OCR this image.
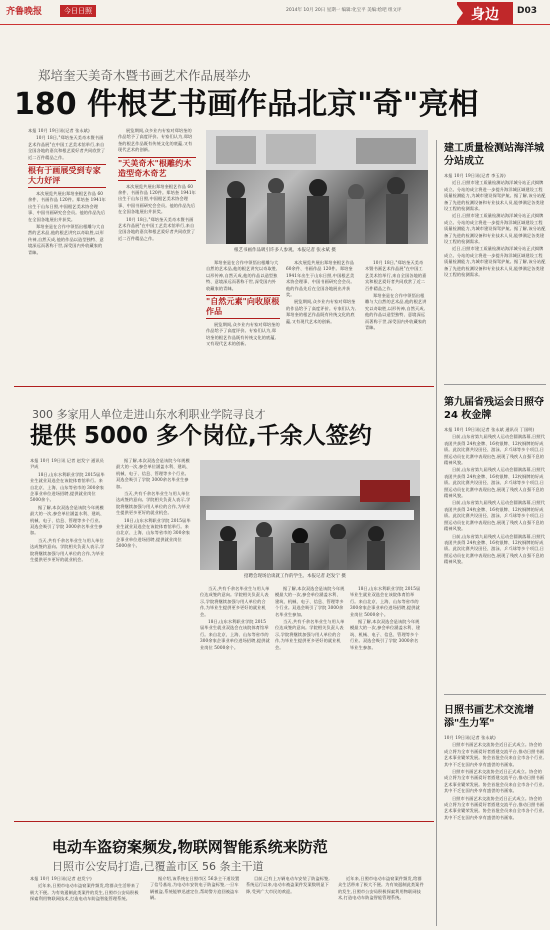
齐鲁晚报	今日日照	2014年 10月 20日 星期一 编辑:化宝平 美编:绘吧 组文评	身边 D03
郑培奎天美奇木暨书画艺术作品展举办
180 件根艺书画作品北京"奇"亮相

本报 10月 19日讯(记者 张永斌)

10月 18日,"郑培奎天美奇木暨书画艺术作品展"在中国工艺美术馆举行,来自全国各地的嘉宾和根艺爱好者共同欣赏了近二百件精品之作。

根有于画展受到专家大力好评

本次展览共展出郑培奎根艺作品 60余件、书画作品 120件。郑培奎 1941年出生于山东日照,中国根艺美术协会理事、中国书画研究会会员。他的作品先后在全国各地展出并获奖。

郑培奎是在合作中领悟出根雕与大自然的艺术品,他的根艺讲究以奇取胜,以形传神,自然天成,他的作品以造型独特、意境深远而著称于世,深受国内外收藏家的青睐。

展览期间,众多业内专家对郑培奎的作品给予了高度评价。专家们认为,郑培奎的根艺作品既有传统文化的底蕴,又有现代艺术的创新。

"天美奇木"根雕约木造型奇木奇艺

本次展览共展出郑培奎根艺作品 60余件、书画作品 120件。郑培奎 1941年出生于山东日照,中国根艺美术协会理事、中国书画研究会会员。他的作品先后在全国各地展出并获奖。

10月 18日,"郑培奎天美奇木暨书画艺术作品展"在中国工艺美术馆举行,来自全国各地的嘉宾和根艺爱好者共同欣赏了近二百件精品之作。

郑培奎是在合作中领悟出根雕与大自然的艺术品,他的根艺讲究以奇取胜,以形传神,自然天成,他的作品以造型独特、意境深远而著称于世,深受国内外收藏家的青睐。

"自然元素"向收原根作品

展览期间,众多业内专家对郑培奎的作品给予了高度评价。专家们认为,郑培奎的根艺作品既有传统文化的底蕴,又有现代艺术的创新。

本次展览共展出郑培奎根艺作品 60余件、书画作品 120件。郑培奎 1941年出生于山东日照,中国根艺美术协会理事、中国书画研究会会员。他的作品先后在全国各地展出并获奖。

展览期间,众多业内专家对郑培奎的作品给予了高度评价。专家们认为,郑培奎的根艺作品既有传统文化的底蕴,又有现代艺术的创新。

10月 18日,"郑培奎天美奇木暨书画艺术作品展"在中国工艺美术馆举行,来自全国各地的嘉宾和根艺爱好者共同欣赏了近二百件精品之作。

郑培奎是在合作中领悟出根雕与大自然的艺术品,他的根艺讲究以奇取胜,以形传神,自然天成,他的作品以造型独特、意境深远而著称于世,深受国内外收藏家的青睐。

根艺书画作品吸引许多人参观。本报记者 张永斌 摄
300 多家用人单位走进山东水利职业学院寻良才
提供 5000 多个岗位,千余人签约

本报 10月 19日讯 记者 赵发宁 通讯员 尹成

18日,山东水利职业学院 2015届毕业生就业双选会在该院体育馆举行。来自北京、上海、山东等省市的 300余家企事业单位进场招聘,提供就业岗位 5000余个。

据了解,本次双选会是该院今年规模最大的一次,参会单位涵盖水利、建筑、机械、电子、信息、管理等多个行业。双选会吸引了学院 3000余名毕业生参加。

当天,共有千余名毕业生与用人单位达成签约意向。学院相关负责人表示,学院将继续加强与用人单位的合作,为毕业生提供更多更好的就业机会。

据了解,本次双选会是该院今年规模最大的一次,参会单位涵盖水利、建筑、机械、电子、信息、管理等多个行业。双选会吸引了学院 3000余名毕业生参加。

当天,共有千余名毕业生与用人单位达成签约意向。学院相关负责人表示,学院将继续加强与用人单位的合作,为毕业生提供更多更好的就业机会。

18日,山东水利职业学院 2015届毕业生就业双选会在该院体育馆举行。来自北京、上海、山东等省市的 300余家企事业单位进场招聘,提供就业岗位 5000余个。

招聘会现场洽谈就工作的学生。本报记者 赵发宁 摄

当天,共有千余名毕业生与用人单位达成签约意向。学院相关负责人表示,学院将继续加强与用人单位的合作,为毕业生提供更多更好的就业机会。

18日,山东水利职业学院 2015届毕业生就业双选会在该院体育馆举行。来自北京、上海、山东等省市的 300余家企事业单位进场招聘,提供就业岗位 5000余个。

据了解,本次双选会是该院今年规模最大的一次,参会单位涵盖水利、建筑、机械、电子、信息、管理等多个行业。双选会吸引了学院 3000余名毕业生参加。

当天,共有千余名毕业生与用人单位达成签约意向。学院相关负责人表示,学院将继续加强与用人单位的合作,为毕业生提供更多更好的就业机会。

18日,山东水利职业学院 2015届毕业生就业双选会在该院体育馆举行。来自北京、上海、山东等省市的 300余家企事业单位进场招聘,提供就业岗位 5000余个。

据了解,本次双选会是该院今年规模最大的一次,参会单位涵盖水利、建筑、机械、电子、信息、管理等多个行业。双选会吸引了学院 3000余名毕业生参加。

电动车盗窃案频发,物联网智能系统来防范
日照市公安局打造,已覆盖市区 56 条主干道

本报 10月 19日讯(记者 赵发宁)

近年来,日照市电动车盗窃案件频发,给群众生活带来了极大不便。为有效遏制此类案件的发生,日照市公安局积极探索利用物联网技术,打造电动车防盗智能管理系统。

据介绍,该系统在日照市区 56条主干道设置了信号基站,为电动车安装电子防盗标签,一旦车辆被盗,系统能够迅速定位,帮助警方追回被盗车辆。

目前,已有上万辆电动车安装了防盗标签,系统运行以来,电动车被盗案件发案数明显下降,受到广大市民的欢迎。

近年来,日照市电动车盗窃案件频发,给群众生活带来了极大不便。为有效遏制此类案件的发生,日照市公安局积极探索利用物联网技术,打造电动车防盗智能管理系统。

建工质量检测站海洋城分站成立

本报 10月 19日讯(记者 李玉涛)

近日,日照市建工质量检测站海洋城分站正式揭牌成立。分站的成立将进一步提升海洋城区域建设工程质量检测能力,为城市建设保驾护航。据了解,该分站配备了先进的检测设备和专业技术人员,能够满足各类建设工程的检测需求。

近日,日照市建工质量检测站海洋城分站正式揭牌成立。分站的成立将进一步提升海洋城区域建设工程质量检测能力,为城市建设保驾护航。据了解,该分站配备了先进的检测设备和专业技术人员,能够满足各类建设工程的检测需求。

近日,日照市建工质量检测站海洋城分站正式揭牌成立。分站的成立将进一步提升海洋城区域建设工程质量检测能力,为城市建设保驾护航。据了解,该分站配备了先进的检测设备和专业技术人员,能够满足各类建设工程的检测需求。

第九届省残运会日照夺 24 枚金牌

本报 10月 19日讯(记者 张永斌 通讯员 丁国明)

日前,山东省第九届残疾人运动会圆满落幕,日照代表团共获得 24枚金牌、16枚银牌、12枚铜牌的好成绩。此次比赛共设田径、游泳、乒乓球等多个项目,日照运动员在比赛中表现出色,展现了残疾人自强不息的精神风貌。

日前,山东省第九届残疾人运动会圆满落幕,日照代表团共获得 24枚金牌、16枚银牌、12枚铜牌的好成绩。此次比赛共设田径、游泳、乒乓球等多个项目,日照运动员在比赛中表现出色,展现了残疾人自强不息的精神风貌。

日前,山东省第九届残疾人运动会圆满落幕,日照代表团共获得 24枚金牌、16枚银牌、12枚铜牌的好成绩。此次比赛共设田径、游泳、乒乓球等多个项目,日照运动员在比赛中表现出色,展现了残疾人自强不息的精神风貌。

日前,山东省第九届残疾人运动会圆满落幕,日照代表团共获得 24枚金牌、16枚银牌、12枚铜牌的好成绩。此次比赛共设田径、游泳、乒乓球等多个项目,日照运动员在比赛中表现出色,展现了残疾人自强不息的精神风貌。

日照书画艺术交流增添"生力军"

10月 19日讯(记者 张永斌)

日照市书画艺术交流协会近日正式成立。协会的成立将为全市书画爱好者搭建交流平台,推动日照书画艺术事业繁荣发展。协会首批会员来自全市各个行业,其中不乏在国内外享有盛誉的书画家。

日照市书画艺术交流协会近日正式成立。协会的成立将为全市书画爱好者搭建交流平台,推动日照书画艺术事业繁荣发展。协会首批会员来自全市各个行业,其中不乏在国内外享有盛誉的书画家。

日照市书画艺术交流协会近日正式成立。协会的成立将为全市书画爱好者搭建交流平台,推动日照书画艺术事业繁荣发展。协会首批会员来自全市各个行业,其中不乏在国内外享有盛誉的书画家。
